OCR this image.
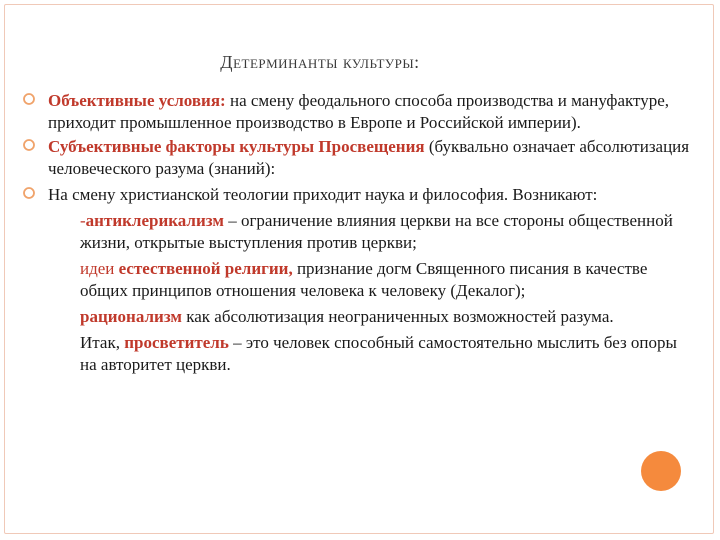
Детерминанты культуры:

Объективные условия: на смену феодального способа производства и мануфактуре, приходит промышленное производство в Европе и Российской империи).

Субъективные факторы культуры Просвещения (буквально означает абсолютизация человеческого разума (знаний):

На смену христианской теологии приходит наука и философия. Возникают:

-антиклерикализм – ограничение влияния церкви на все стороны общественной жизни, открытые выступления против церкви;

идеи естественной религии, признание догм Священного писания в качестве общих принципов отношения человека к человеку (Декалог);

рационализм как абсолютизация неограниченных возможностей разума.

Итак, просветитель – это человек способный самостоятельно мыслить без опоры на авторитет церкви.
